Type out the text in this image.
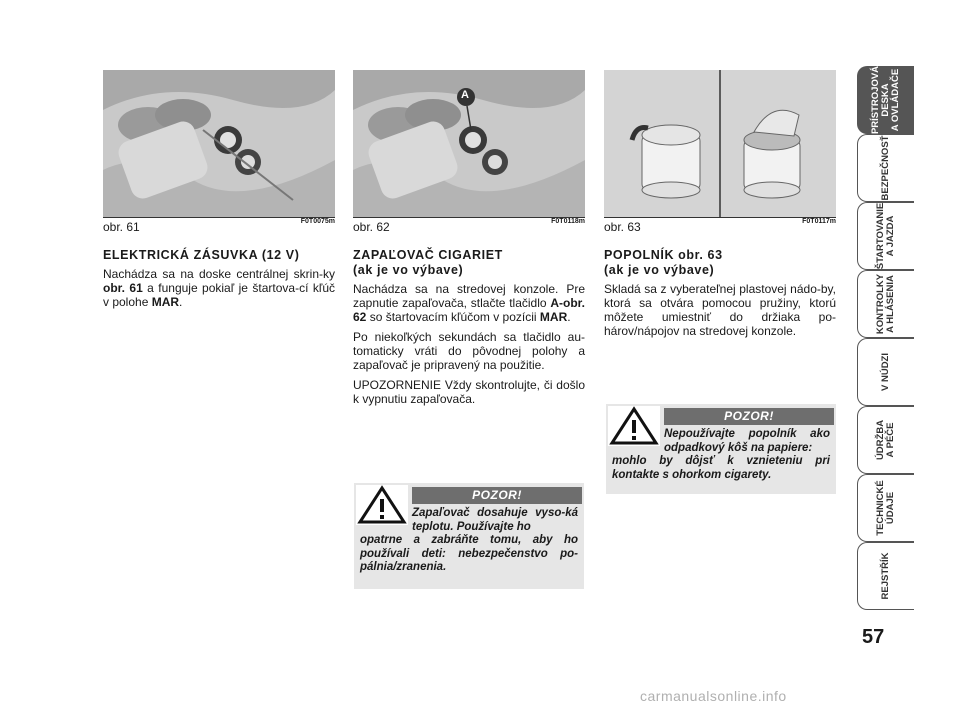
obr. 61	F0T0075m
ELEKTRICKÁ ZÁSUVKA (12 V)

Nachádza sa na doske centrálnej skrin-ky obr. 61 a funguje pokiaľ je štartova-cí kľúč v polohe MAR.

A
obr. 62	F0T0118m
ZAPAĽOVAČ CIGARIET
(ak je vo výbave)

Nachádza sa na stredovej konzole. Pre zapnutie zapaľovača, stlačte tlačidlo A-obr. 62 so štartovacím kľúčom v pozícii MAR.

Po niekoľkých sekundách sa tlačidlo au-tomaticky vráti do pôvodnej polohy a zapaľovač je pripravený na použitie.

UPOZORNENIE Vždy skontrolujte, či došlo k vypnutiu zapaľovača.

POZOR!
Zapaľovač dosahuje vyso-ká teplotu. Používajte ho
opatrne a zabráňte tomu, aby ho používali deti: nebezpečenstvo po-pálnia/zranenia.
obr. 63	F0T0117m
POPOLNÍK obr. 63
(ak je vo výbave)

Skladá sa z vyberateľnej plastovej nádo-by, ktorá sa otvára pomocou pružiny, ktorú môžete umiestniť do držiaka po-hárov/nápojov na stredovej konzole.

POZOR!
Nepoužívajte popolník ako odpadkový kôš na papiere:
mohlo by dôjsť k vznieteniu pri kontakte s ohorkom cigarety.
PRÍSTROJOVÁ
DESKA
A OVLÁDAČE
BEZPEČNOSŤ
ŠTARTOVANIE
A JAZDA
KONTROLKY
A HLÁSENIA
V NÚDZI
ÚDRŽBA
A PÉČE
TECHNICKÉ
ÚDAJE
REJSTŘÍK
57
carmanualsonline.info
